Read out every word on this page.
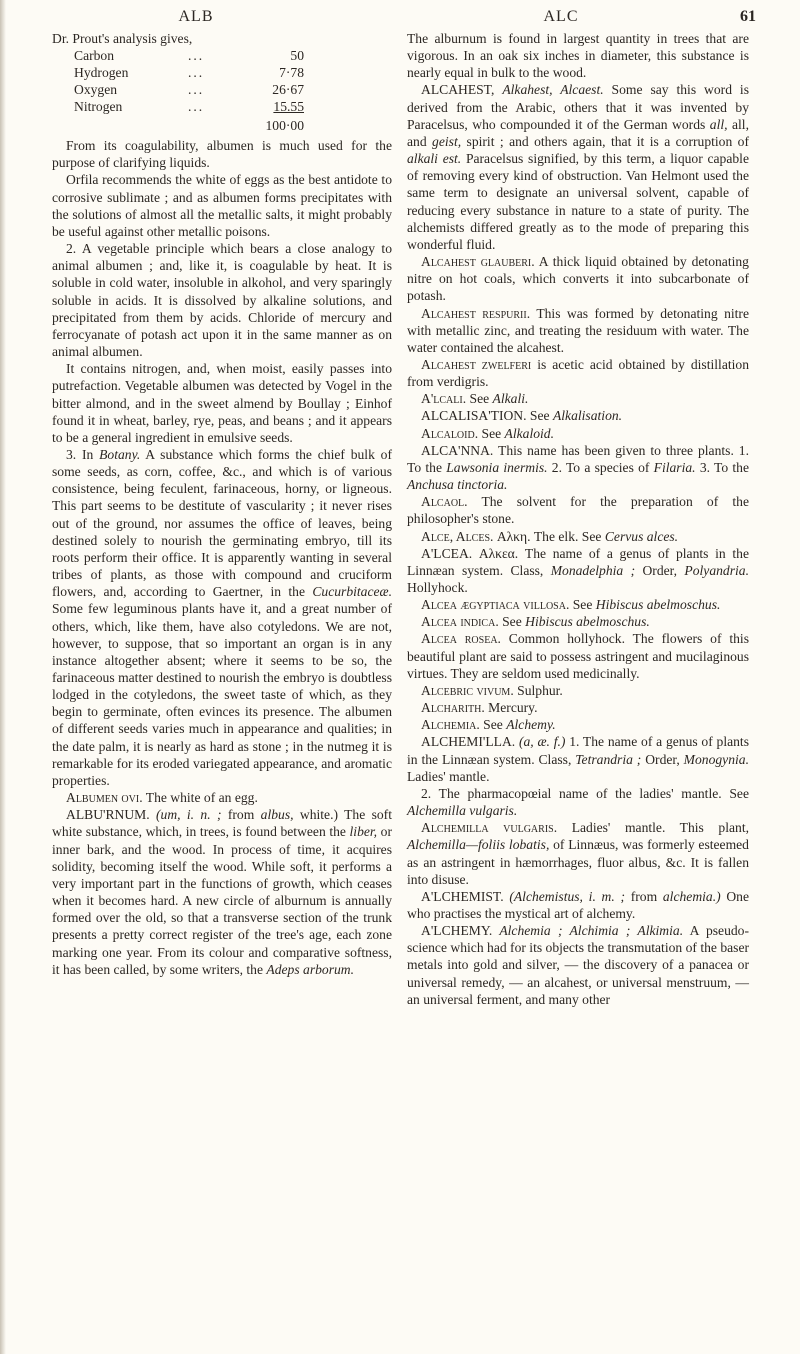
ALB	ALC	61

Dr. Prout's analysis gives,

Carbon	...	50
Hydrogen	...	7·78
Oxygen	...	26·67
Nitrogen	...	15.55
100·00

From its coagulability, albumen is much used for the purpose of clarifying liquids.

Orfila recommends the white of eggs as the best antidote to corrosive sublimate ; and as albumen forms precipitates with the solutions of almost all the metallic salts, it might probably be useful against other metallic poisons.

2. A vegetable principle which bears a close analogy to animal albumen ; and, like it, is coagulable by heat. It is soluble in cold water, insoluble in alkohol, and very sparingly soluble in acids. It is dissolved by alkaline solutions, and precipitated from them by acids. Chloride of mercury and ferrocyanate of potash act upon it in the same manner as on animal albumen.

It contains nitrogen, and, when moist, easily passes into putrefaction. Vegetable albumen was detected by Vogel in the bitter almond, and in the sweet almend by Boullay ; Einhof found it in wheat, barley, rye, peas, and beans ; and it appears to be a general ingredient in emulsive seeds.

3. In Botany. A substance which forms the chief bulk of some seeds, as corn, coffee, &c., and which is of various consistence, being feculent, farinaceous, horny, or ligneous. This part seems to be destitute of vascularity ; it never rises out of the ground, nor assumes the office of leaves, being destined solely to nourish the germinating embryo, till its roots perform their office. It is apparently wanting in several tribes of plants, as those with compound and cruciform flowers, and, according to Gaertner, in the Cucurbitaceæ. Some few leguminous plants have it, and a great number of others, which, like them, have also cotyledons. We are not, however, to suppose, that so important an organ is in any instance altogether absent; where it seems to be so, the farinaceous matter destined to nourish the embryo is doubtless lodged in the cotyledons, the sweet taste of which, as they begin to germinate, often evinces its presence. The albumen of different seeds varies much in appearance and qualities; in the date palm, it is nearly as hard as stone ; in the nutmeg it is remarkable for its eroded variegated appearance, and aromatic properties.

Albumen ovi. The white of an egg.

ALBU'RNUM. (um, i. n. ; from albus, white.) The soft white substance, which, in trees, is found between the liber, or inner bark, and the wood. In process of time, it acquires solidity, becoming itself the wood. While soft, it performs a very important part in the functions of growth, which ceases when it becomes hard. A new circle of alburnum is annually formed over the old, so that a transverse section of the trunk presents a pretty correct register of the tree's age, each zone marking one year. From its colour and comparative softness, it has been called, by some writers, the Adeps arborum.

The alburnum is found in largest quantity in trees that are vigorous. In an oak six inches in diameter, this substance is nearly equal in bulk to the wood.

ALCAHEST, Alkahest, Alcaest. Some say this word is derived from the Arabic, others that it was invented by Paracelsus, who compounded it of the German words all, all, and geist, spirit ; and others again, that it is a corruption of alkali est. Paracelsus signified, by this term, a liquor capable of removing every kind of obstruction. Van Helmont used the same term to designate an universal solvent, capable of reducing every substance in nature to a state of purity. The alchemists differed greatly as to the mode of preparing this wonderful fluid.

Alcahest glauberi. A thick liquid obtained by detonating nitre on hot coals, which converts it into subcarbonate of potash.

Alcahest respurii. This was formed by detonating nitre with metallic zinc, and treating the residuum with water. The water contained the alcahest.

Alcahest zwelferi is acetic acid obtained by distillation from verdigris.

A'lcali. See Alkali.

ALCALISA'TION. See Alkalisation.

Alcaloid. See Alkaloid.

ALCA'NNA. This name has been given to three plants. 1. To the Lawsonia inermis. 2. To a species of Filaria. 3. To the Anchusa tinctoria.

Alcaol. The solvent for the preparation of the philosopher's stone.

Alce, Alces. Αλκη. The elk. See Cervus alces.

A'LCEA. Αλκεα. The name of a genus of plants in the Linnæan system. Class, Monadelphia ; Order, Polyandria. Hollyhock.

Alcea ægyptiaca villosa. See Hibiscus abelmoschus.

Alcea indica. See Hibiscus abelmoschus.

Alcea rosea. Common hollyhock. The flowers of this beautiful plant are said to possess astringent and mucilaginous virtues. They are seldom used medicinally.

Alcebric vivum. Sulphur.

Alcharith. Mercury.

Alchemia. See Alchemy.

ALCHEMI'LLA. (a, æ. f.) 1. The name of a genus of plants in the Linnæan system. Class, Tetrandria ; Order, Monogynia. Ladies' mantle.

2. The pharmacopœial name of the ladies' mantle. See Alchemilla vulgaris.

Alchemilla vulgaris. Ladies' mantle. This plant, Alchemilla—foliis lobatis, of Linnæus, was formerly esteemed as an astringent in hæmorrhages, fluor albus, &c. It is fallen into disuse.

A'LCHEMIST. (Alchemistus, i. m. ; from alchemia.) One who practises the mystical art of alchemy.

A'LCHEMY. Alchemia ; Alchimia ; Alkimia. A pseudo-science which had for its objects the transmutation of the baser metals into gold and silver, — the discovery of a panacea or universal remedy, — an alcahest, or universal menstruum, — an universal ferment, and many other
